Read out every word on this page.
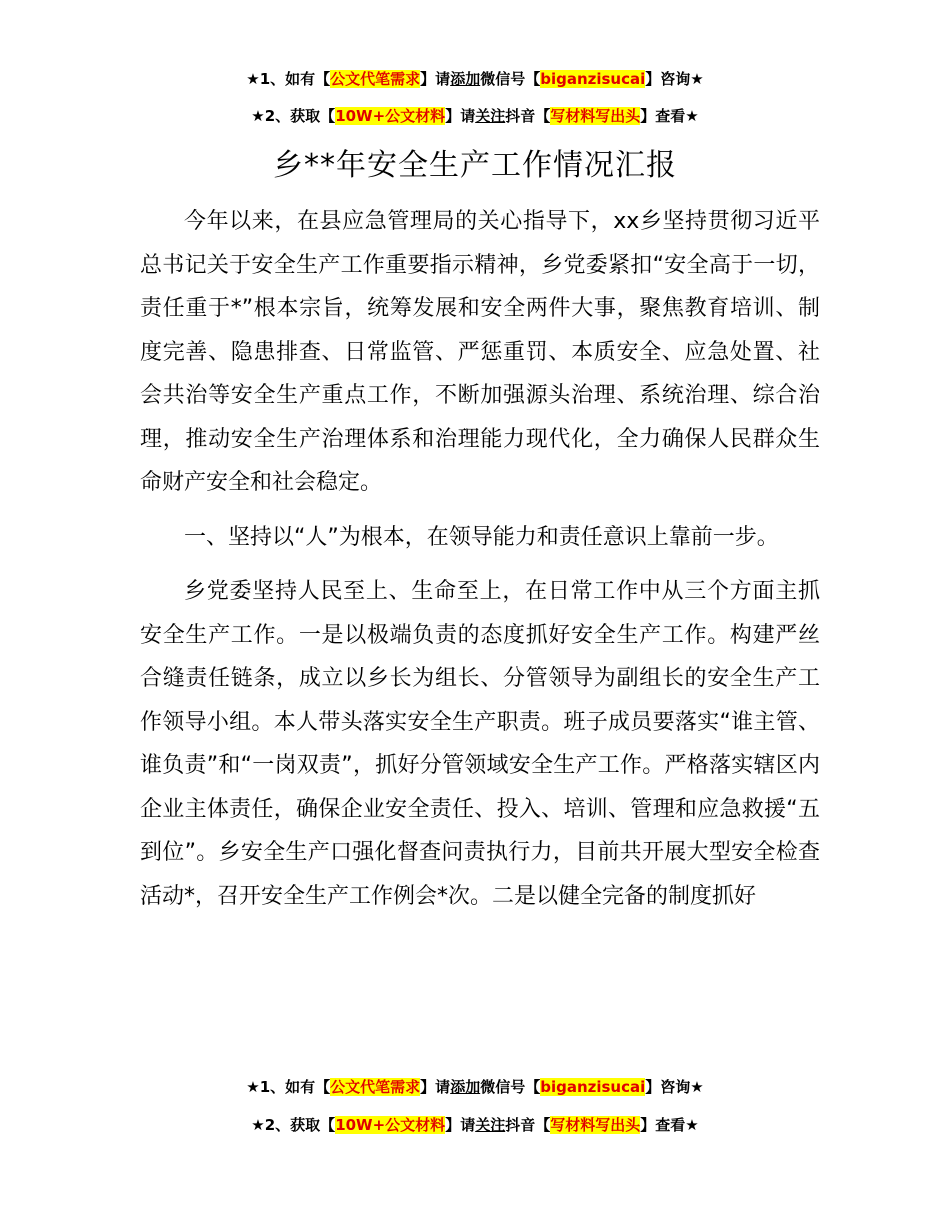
★1、如有【公文代笔需求】请添加微信号【biganzisucai】咨询★
★2、获取【10W+公文材料】请关注抖音【写材料写出头】查看★
乡**年安全生产工作情况汇报

今年以来，在县应急管理局的关心指导下，xx乡坚持贯彻习近平总书记关于安全生产工作重要指示精神，乡党委紧扣“安全高于一切，责任重于*”根本宗旨，统筹发展和安全两件大事，聚焦教育培训、制度完善、隐患排查、日常监管、严惩重罚、本质安全、应急处置、社会共治等安全生产重点工作，不断加强源头治理、系统治理、综合治理，推动安全生产治理体系和治理能力现代化，全力确保人民群众生命财产安全和社会稳定。

一、坚持以“人”为根本，在领导能力和责任意识上靠前一步。

乡党委坚持人民至上、生命至上，在日常工作中从三个方面主抓安全生产工作。一是以极端负责的态度抓好安全生产工作。构建严丝合缝责任链条，成立以乡长为组长、分管领导为副组长的安全生产工作领导小组。本人带头落实安全生产职责。班子成员要落实“谁主管、谁负责”和“一岗双责”，抓好分管领域安全生产工作。严格落实辖区内企业主体责任，确保企业安全责任、投入、培训、管理和应急救援“五到位”。乡安全生产口强化督查问责执行力，目前共开展大型安全检查活动*，召开安全生产工作例会*次。二是以健全完备的制度抓好

★1、如有【公文代笔需求】请添加微信号【biganzisucai】咨询★
★2、获取【10W+公文材料】请关注抖音【写材料写出头】查看★
